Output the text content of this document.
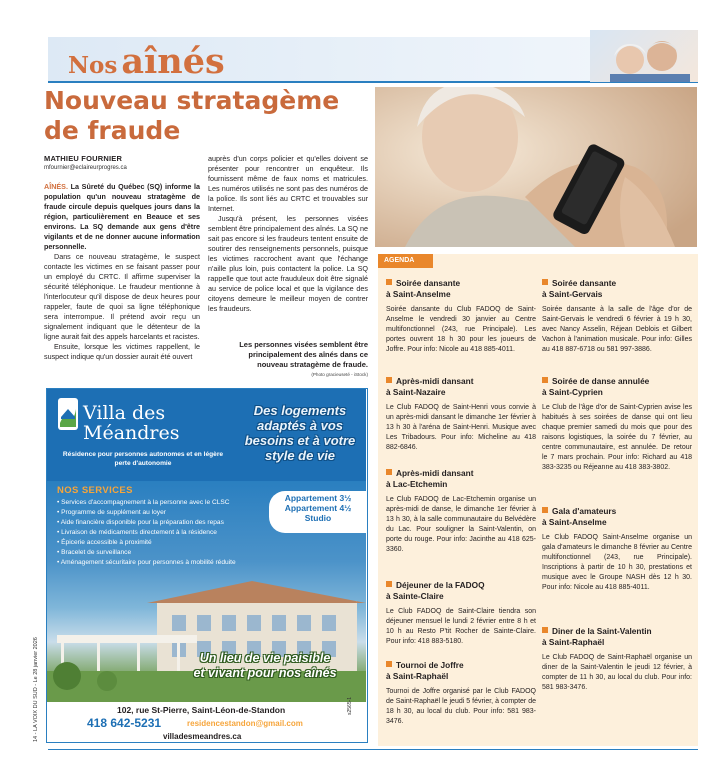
Nos aînés
Nouveau stratagème
de fraude
MATHIEU FOURNIER
mfournier@eclaireurprogres.ca

AÎNÉS. La Sûreté du Québec (SQ) informe la population qu'un nouveau stratagème de fraude circule depuis quelques jours dans la région, particulièrement en Beauce et ses environs. La SQ demande aux gens d'être vigilants et de ne donner aucune information personnelle.

Dans ce nouveau stratagème, le suspect contacte les victimes en se faisant passer pour un employé du CRTC. Il affirme superviser la sécurité téléphonique. Le fraudeur mentionne à l'interlocuteur qu'il dispose de deux heures pour rappeler, faute de quoi sa ligne téléphonique sera interrompue. Il prétend avoir reçu un signalement indiquant que le détenteur de la ligne aurait fait des appels harcelants et racistes.

Ensuite, lorsque les victimes rappellent, le suspect indique qu'un dossier aurait été ouvert

auprès d'un corps policier et qu'elles doivent se présenter pour rencontrer un enquêteur. Ils fournissent même de faux noms et matricules. Les numéros utilisés ne sont pas des numéros de la police. Ils sont liés au CRTC et trouvables sur Internet.

Jusqu'à présent, les personnes visées semblent être principalement des aînés. La SQ ne sait pas encore si les fraudeurs tentent ensuite de soutirer des renseignements personnels, puisque les victimes raccrochent avant que l'échange n'aille plus loin, puis contactent la police. La SQ rappelle que tout acte frauduleux doit être signalé au service de police local et que la vigilance des citoyens demeure le meilleur moyen de contrer les fraudeurs.

Les personnes visées semblent être principalement des aînés dans ce nouveau stratagème de fraude.
(Photo gracieuseté - iStock)
Soirée dansante
à Saint-Anselme

Soirée dansante du Club FADOQ de Saint-Anselme le vendredi 30 janvier au Centre multifonctionnel (243, rue Principale). Les portes ouvrent 18 h 30 pour les joueurs de Joffre. Pour info: Nicole au 418 885-4011.

Après-midi dansant
à Saint-Nazaire

Le Club FADOQ de Saint-Henri vous convie à un après-midi dansant le dimanche 1er février à 13 h 30 à l'aréna de Saint-Henri. Musique avec Les Tribadours. Pour info: Micheline au 418 882-6846.

Après-midi dansant
à Lac-Etchemin

Le Club FADOQ de Lac-Etchemin organise un après-midi de danse, le dimanche 1er février à 13 h 30, à la salle communautaire du Belvédère du Lac. Pour souligner la Saint-Valentin, on porte du rouge. Pour info: Jacinthe au 418 625-3360.

Déjeuner de la FADOQ
à Sainte-Claire

Le Club FADOQ de Saint-Claire tiendra son déjeuner mensuel le lundi 2 février entre 8 h et 10 h au Resto P'tit Rocher de Sainte-Claire. Pour info: 418 883-5180.

Tournoi de Joffre
à Saint-Raphaël

Tournoi de Joffre organisé par le Club FADOQ de Saint-Raphaël le jeudi 5 février, à compter de 18 h 30, au local du club. Pour info: 581 983-3476.

Soirée dansante
à Saint-Gervais

Soirée dansante à la salle de l'âge d'or de Saint-Gervais le vendredi 6 février à 19 h 30, avec Nancy Asselin, Réjean Deblois et Gilbert Vachon à l'animation musicale. Pour info: Gilles au 418 887-6718 ou 581 997-3886.

Soirée de danse annulée
à Saint-Cyprien

Le Club de l'âge d'or de Saint-Cyprien avise les habitués à ses soirées de danse qui ont lieu chaque premier samedi du mois que pour des raisons logistiques, la soirée du 7 février, au centre communautaire, est annulée. De retour le 7 mars prochain. Pour info: Richard au 418 383-3235 ou Réjeanne au 418 383-3802.

Gala d'amateurs
à Saint-Anselme

Le Club FADOQ Saint-Anselme organise un gala d'amateurs le dimanche 8 février au Centre multifonctionnel (243, rue Principale). Inscriptions à partir de 10 h 30, prestations et musique avec le Groupe NASH dès 12 h 30. Pour info: Nicole au 418 885-4011.

Diner de la Saint-Valentin
à Saint-Raphaël

Le Club FADOQ de Saint-Raphaël organise un diner de la Saint-Valentin le jeudi 12 février, à compter de 11 h 30, au local du club. Pour info: 581 983-3476.

AGENDA
Villa des
Méandres
Résidence pour personnes autonomes et en légère perte d'autonomie
Des logements adaptés à vos besoins et à votre style de vie
NOS SERVICES
• Services d'accompagnement à la personne avec le CLSC
• Programme de supplément au loyer
• Aide financière disponible pour la préparation des repas
• Livraison de médicaments directement à la résidence
• Épicerie accessible à proximité
• Bracelet de surveillance
• Aménagement sécuritaire pour personnes à mobilité réduite
Appartement 3½
Appartement 4½
Studio
Un lieu de vie paisible
et vivant pour nos aînés
102, rue St-Pierre, Saint-Léon-de-Standon
418 642-5231	residencestandon@gmail.com
villadesmeandres.ca
s2565-1
14 - LA VOIX DU SUD - Le 28 janvier 2026
